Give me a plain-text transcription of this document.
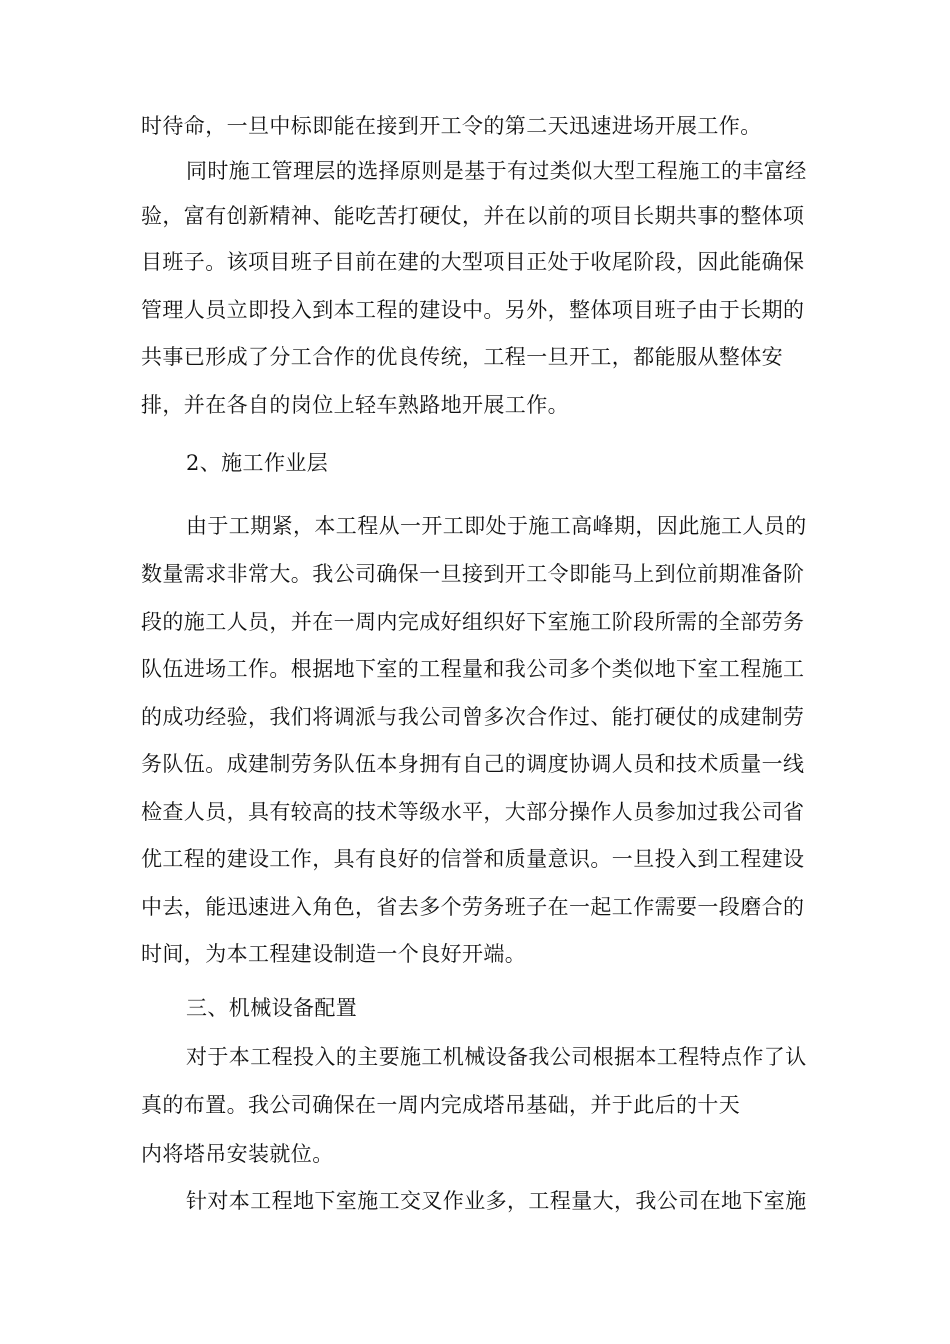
时待命，一旦中标即能在接到开工令的第二天迅速进场开展工作。
同时施工管理层的选择原则是基于有过类似大型工程施工的丰富经
验，富有创新精神、能吃苦打硬仗，并在以前的项目长期共事的整体项
目班子。该项目班子目前在建的大型项目正处于收尾阶段，因此能确保
管理人员立即投入到本工程的建设中。另外，整体项目班子由于长期的
共事已形成了分工合作的优良传统，工程一旦开工，都能服从整体安
排，并在各自的岗位上轻车熟路地开展工作。
2、施工作业层
由于工期紧，本工程从一开工即处于施工高峰期，因此施工人员的
数量需求非常大。我公司确保一旦接到开工令即能马上到位前期准备阶
段的施工人员，并在一周内完成好组织好下室施工阶段所需的全部劳务
队伍进场工作。根据地下室的工程量和我公司多个类似地下室工程施工
的成功经验，我们将调派与我公司曾多次合作过、能打硬仗的成建制劳
务队伍。成建制劳务队伍本身拥有自己的调度协调人员和技术质量一线
检查人员，具有较高的技术等级水平，大部分操作人员参加过我公司省
优工程的建设工作，具有良好的信誉和质量意识。一旦投入到工程建设
中去，能迅速进入角色，省去多个劳务班子在一起工作需要一段磨合的
时间，为本工程建设制造一个良好开端。
三、机械设备配置
对于本工程投入的主要施工机械设备我公司根据本工程特点作了认
真的布置。我公司确保在一周内完成塔吊基础，并于此后的十天
内将塔吊安装就位。
针对本工程地下室施工交叉作业多，工程量大，我公司在地下室施
